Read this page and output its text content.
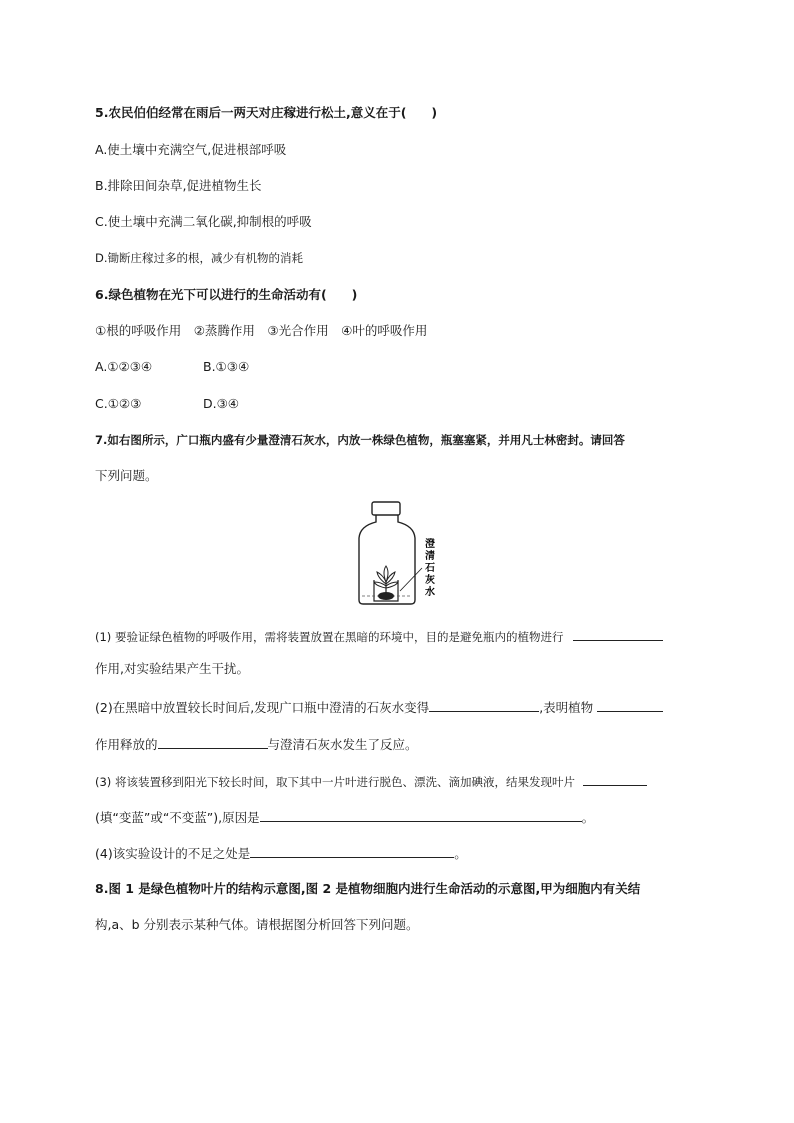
5.农民伯伯经常在雨后一两天对庄稼进行松土,意义在于(　　)
A.使土壤中充满空气,促进根部呼吸
B.排除田间杂草,促进植物生长
C.使土壤中充满二氧化碳,抑制根的呼吸
D.锄断庄稼过多的根，减少有机物的消耗
6.绿色植物在光下可以进行的生命活动有(　　)
①根的呼吸作用　②蒸腾作用　③光合作用　④叶的呼吸作用
A.①②③④	B.①③④
C.①②③	D.③④
7.如右图所示，广口瓶内盛有少量澄清石灰水，内放一株绿色植物，瓶塞塞紧，并用凡士林密封。请回答
下列问题。
澄
清
石
灰
水
(1) 要验证绿色植物的呼吸作用，需将装置放置在黑暗的环境中，目的是避免瓶内的植物进行
作用,对实验结果产生干扰。
(2)在黑暗中放置较长时间后,发现广口瓶中澄清的石灰水变得	,表明植物
作用释放的	与澄清石灰水发生了反应。
(3) 将该装置移到阳光下较长时间，取下其中一片叶进行脱色、漂洗、滴加碘液，结果发现叶片
(填“变蓝”或“不变蓝”),原因是	。
(4)该实验设计的不足之处是	。
8.图 1 是绿色植物叶片的结构示意图,图 2 是植物细胞内进行生命活动的示意图,甲为细胞内有关结
构,a、b 分别表示某种气体。请根据图分析回答下列问题。
